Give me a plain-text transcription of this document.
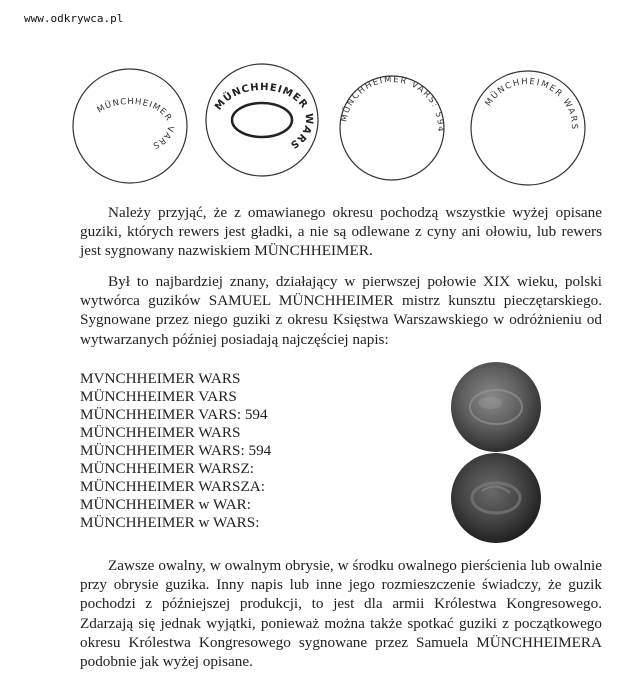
www.odkrywca.pl
MÜNCHHEIMER VARS
MÜNCHHEIMER WARS
MÜNCHHEIMER VARS: 594
MÜNCHHEIMER WARS

Należy przyjąć, że z omawianego okresu pochodzą wszystkie wyżej opisane guziki, których rewers jest gładki, a nie są odlewane z cyny ani ołowiu, lub rewers jest sygnowany nazwiskiem MÜNCHHEIMER.

Był to najbardziej znany, działający w pierwszej połowie XIX wieku, polski wytwórca guzików SAMUEL MÜNCHHEIMER mistrz kunsztu pieczętarskiego. Sygnowane przez niego guziki z okresu Księstwa Warszawskiego w odróżnieniu od wytwarzanych później posiadają najczęściej napis:

MVNCHHEIMER WARS
MÜNCHHEIMER VARS
MÜNCHHEIMER VARS: 594
MÜNCHHEIMER WARS
MÜNCHHEIMER WARS: 594
MÜNCHHEIMER WARSZ:
MÜNCHHEIMER WARSZA:
MÜNCHHEIMER w WAR:
MÜNCHHEIMER w WARS:

Zawsze owalny, w owalnym obrysie, w środku owalnego pierścienia lub owalnie przy obrysie guzika. Inny napis lub inne jego rozmieszczenie świadczy, że guzik pochodzi z późniejszej produkcji, to jest dla armii Królestwa Kongresowego. Zdarzają się jednak wyjątki, ponieważ można także spotkać guziki z początkowego okresu Królestwa Kongresowego sygnowane przez Samuela MÜNCHHEIMERA podobnie jak wyżej opisane.
